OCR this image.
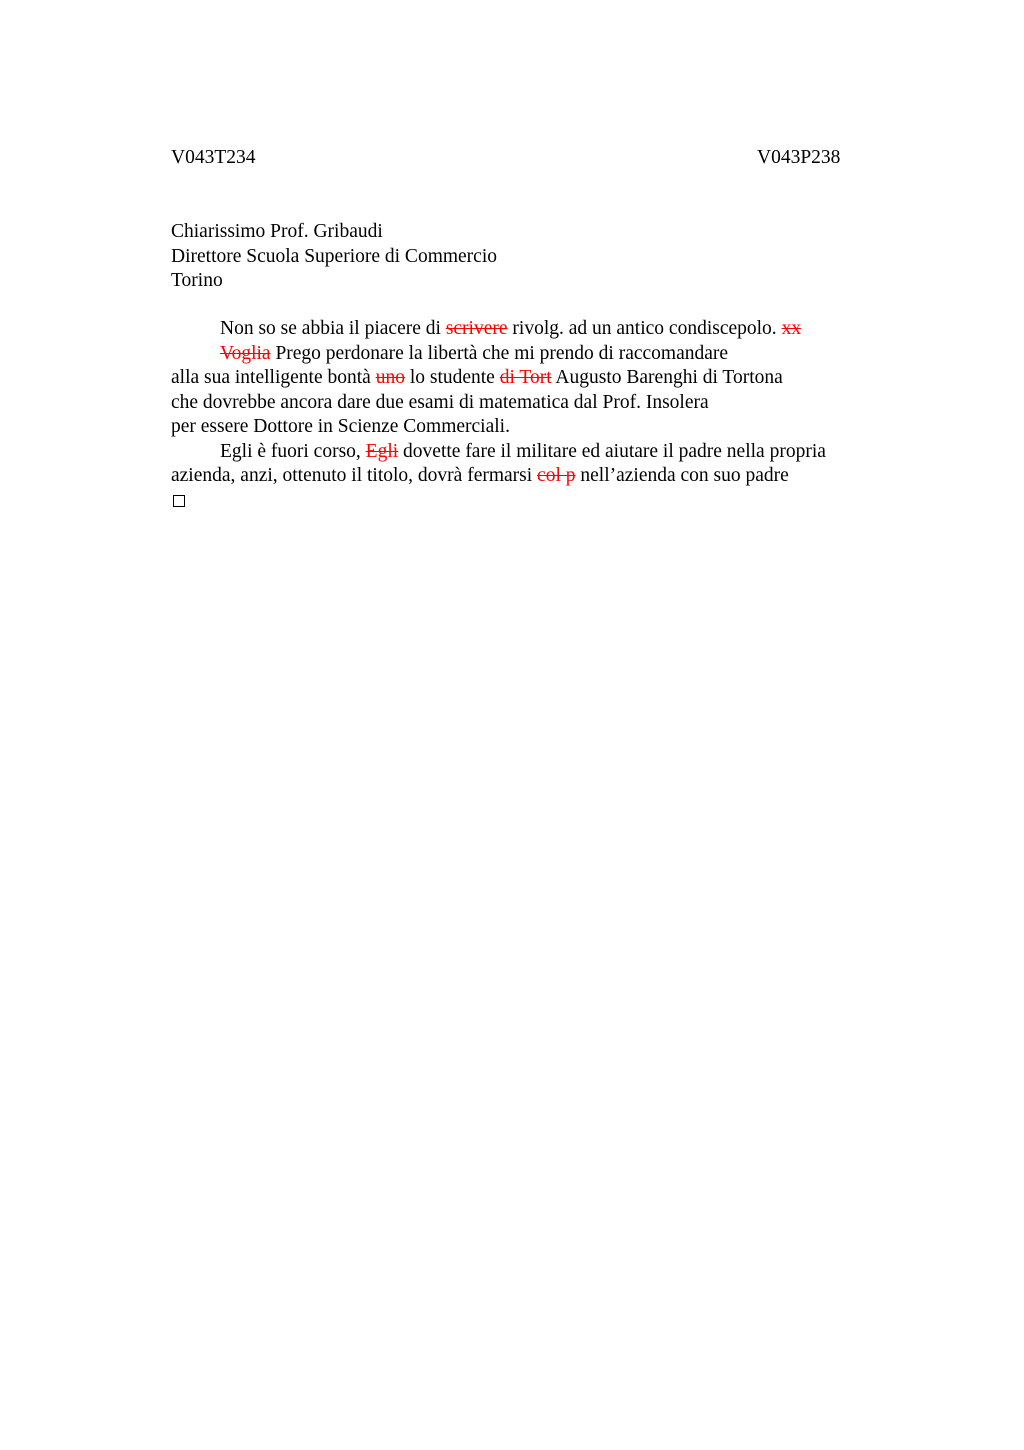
V043T234	V043P238
Chiarissimo Prof. Gribaudi
Direttore Scuola Superiore di Commercio
Torino
Non so se abbia il piacere di scrivere rivolg. ad un antico condiscepolo. xx
Voglia Prego perdonare la libertà che mi prendo di raccomandare
alla sua intelligente bontà uno lo studente di Tort Augusto Barenghi di Tortona
che dovrebbe ancora dare due esami di matematica dal Prof. Insolera
per essere Dottore in Scienze Commerciali.
Egli è fuori corso, Egli dovette fare il militare ed aiutare il padre nella propria
azienda, anzi, ottenuto il titolo, dovrà fermarsi col p nell’azienda con suo padre
